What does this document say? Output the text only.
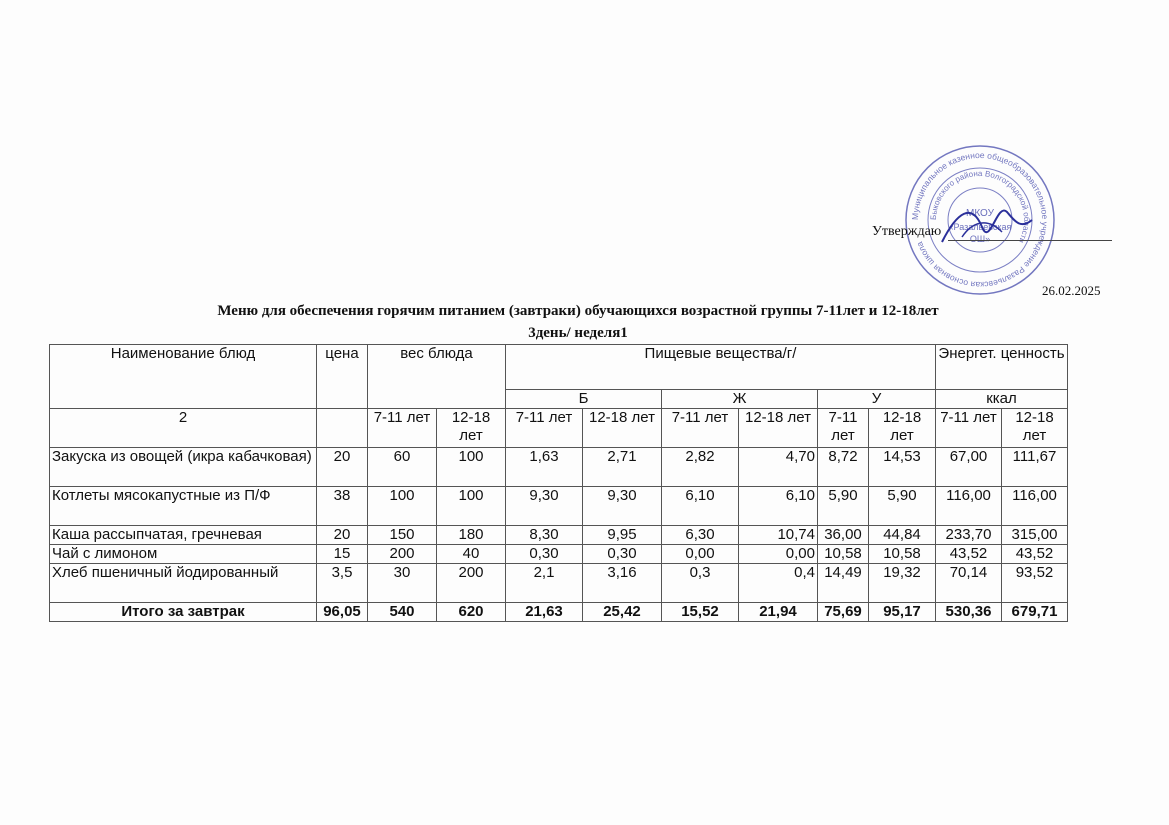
Муниципальное казенное общеобразовательное учреждение Разальевская основная школа
Быковского района Волгоградской области
МКОУ
«Разальевская
ОШ»
Утверждаю
26.02.2025
Меню для обеспечения горячим питанием (завтраки) обучающихся возрастной группы 7-11лет и 12-18лет
3день/ неделя1
Наименование блюд	цена	вес блюда		Пищевые вещества/г/						Энергет. ценность	
				Б		Ж		У		ккал	
2		7-11 лет	12-18 лет	7-11 лет	12-18 лет	7-11 лет	12-18 лет	7-11 лет	12-18 лет	7-11 лет	12-18 лет
Закуска из овощей (икра кабачковая)	20	60	100	1,63	2,71	2,82	4,70	8,72	14,53	67,00	111,67
Котлеты мясокапустные из П/Ф	38	100	100	9,30	9,30	6,10	6,10	5,90	5,90	116,00	116,00
Каша рассыпчатая, гречневая	20	150	180	8,30	9,95	6,30	10,74	36,00	44,84	233,70	315,00
Чай с лимоном	15	200	40	0,30	0,30	0,00	0,00	10,58	10,58	43,52	43,52
Хлеб пшеничный йодированный	3,5	30	200	2,1	3,16	0,3	0,4	14,49	19,32	70,14	93,52
Итого за завтрак	96,05	540	620	21,63	25,42	15,52	21,94	75,69	95,17	530,36	679,71
